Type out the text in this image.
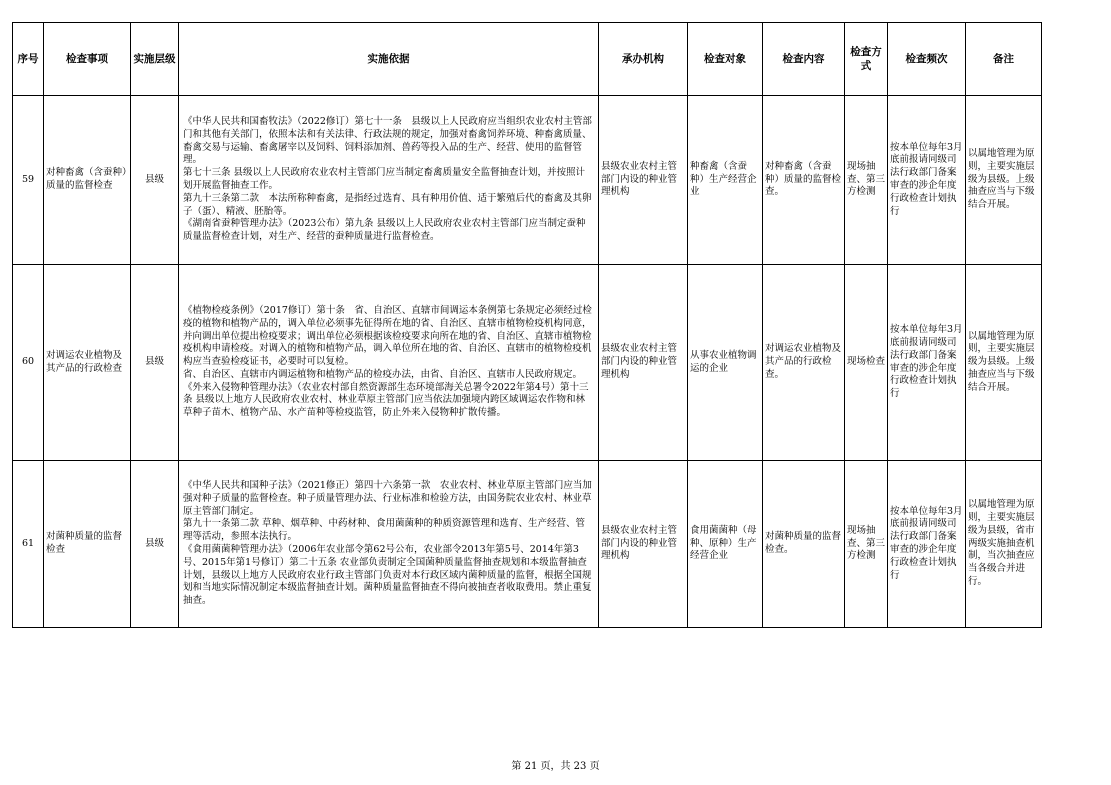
序号	检查事项	实施层级	实施依据	承办机构	检查对象	检查内容	检查方式	检查频次	备注
59	对种畜禽（含蚕种）质量的监督检查	县级	《中华人民共和国畜牧法》（2022修订）第七十一条　县级以上人民政府应当组织农业农村主管部门和其他有关部门，依照本法和有关法律、行政法规的规定，加强对畜禽饲养环境、种畜禽质量、畜禽交易与运输、畜禽屠宰以及饲料、饲料添加剂、兽药等投入品的生产、经营、使用的监督管理。
第七十三条 县级以上人民政府农业农村主管部门应当制定畜禽质量安全监督抽查计划，并按照计划开展监督抽查工作。
第九十三条第二款　本法所称种畜禽，是指经过选育、具有种用价值、适于繁殖后代的畜禽及其卵子（蛋）、精液、胚胎等。
《湖南省蚕种管理办法》（2023公布）第九条 县级以上人民政府农业农村主管部门应当制定蚕种质量监督检查计划，对生产、经营的蚕种质量进行监督检查。	县级农业农村主管部门内设的种业管理机构	种畜禽（含蚕种）生产经营企业	对种畜禽（含蚕种）质量的监督检查。	现场抽查、第三方检测	按本单位每年3月底前报请同级司法行政部门备案审查的涉企年度行政检查计划执行	以属地管理为原则，主要实施层级为县级。上级抽查应当与下级结合开展。
60	对调运农业植物及其产品的行政检查	县级	《植物检疫条例》（2017修订）第十条　省、自治区、直辖市间调运本条例第七条规定必须经过检疫的植物和植物产品的，调入单位必须事先征得所在地的省、自治区、直辖市植物检疫机构同意，并向调出单位提出检疫要求；调出单位必须根据该检疫要求向所在地的省、自治区、直辖市植物检疫机构申请检疫。对调入的植物和植物产品，调入单位所在地的省、自治区、直辖市的植物检疫机构应当查验检疫证书，必要时可以复检。
省、自治区、直辖市内调运植物和植物产品的检疫办法，由省、自治区、直辖市人民政府规定。
《外来入侵物种管理办法》（农业农村部自然资源部生态环境部海关总署令2022年第4号）第十三条 县级以上地方人民政府农业农村、林业草原主管部门应当依法加强境内跨区域调运农作物和林草种子苗木、植物产品、水产苗种等检疫监管，防止外来入侵物种扩散传播。	县级农业农村主管部门内设的种业管理机构	从事农业植物调运的企业	对调运农业植物及其产品的行政检查。	现场检查	按本单位每年3月底前报请同级司法行政部门备案审查的涉企年度行政检查计划执行	以属地管理为原则，主要实施层级为县级。上级抽查应当与下级结合开展。
61	对菌种质量的监督检查	县级	《中华人民共和国种子法》（2021修正）第四十六条第一款　农业农村、林业草原主管部门应当加强对种子质量的监督检查。种子质量管理办法、行业标准和检验方法，由国务院农业农村、林业草原主管部门制定。
第九十一条第二款 草种、烟草种、中药材种、食用菌菌种的种质资源管理和选育、生产经营、管理等活动，参照本法执行。
《食用菌菌种管理办法》（2006年农业部令第62号公布，农业部令2013年第5号、2014年第3号、2015年第1号修订）第二十五条 农业部负责制定全国菌种质量监督抽查规划和本级监督抽查计划，县级以上地方人民政府农业行政主管部门负责对本行政区域内菌种质量的监督，根据全国规划和当地实际情况制定本级监督抽查计划。菌种质量监督抽查不得向被抽查者收取费用。禁止重复抽查。	县级农业农村主管部门内设的种业管理机构	食用菌菌种（母种、原种）生产经营企业	对菌种质量的监督检查。	现场抽查、第三方检测	按本单位每年3月底前报请同级司法行政部门备案审查的涉企年度行政检查计划执行	以属地管理为原则，主要实施层级为县级，省市两级实施抽查机制，当次抽查应当各级合并进行。
第 21 页，共 23 页
